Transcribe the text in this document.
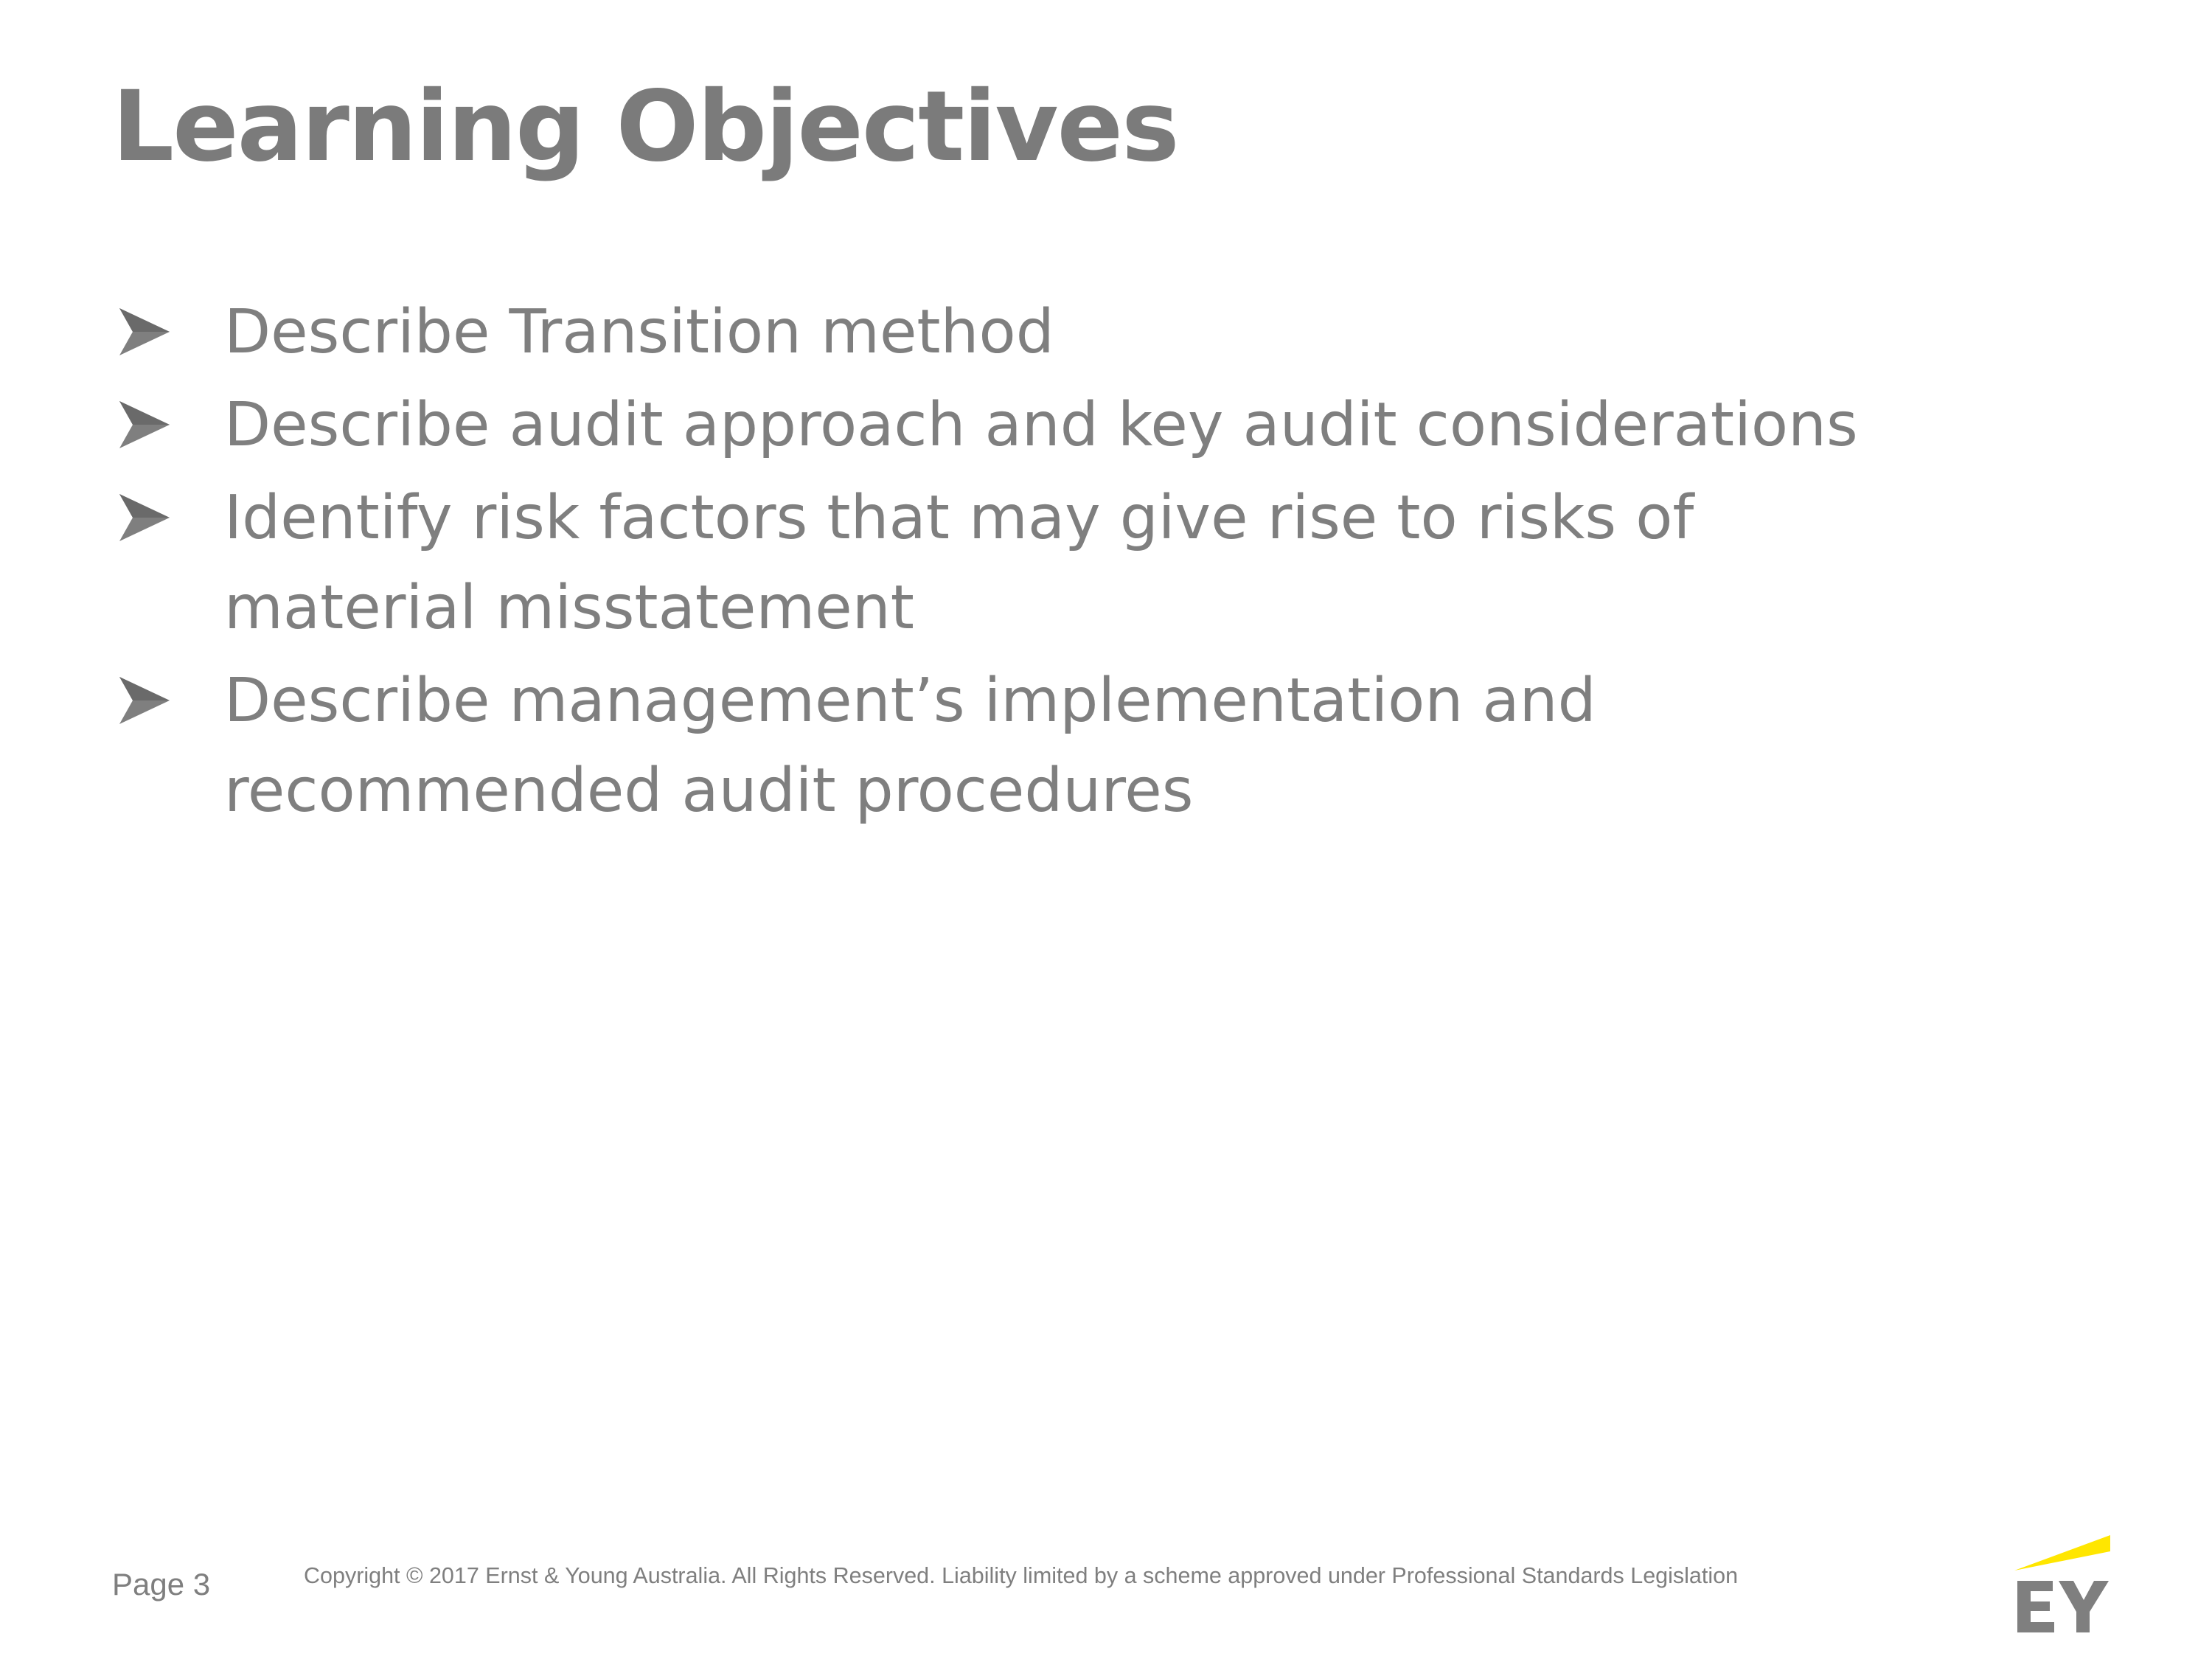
Learning Objectives
Describe Transition method
Describe audit approach and key audit considerations
Identify risk factors that may give rise to risks of material misstatement
Describe management’s implementation and recommended audit procedures
Page 3	Copyright © 2017 Ernst & Young Australia. All Rights Reserved. Liability limited by a scheme approved under Professional Standards Legislation
